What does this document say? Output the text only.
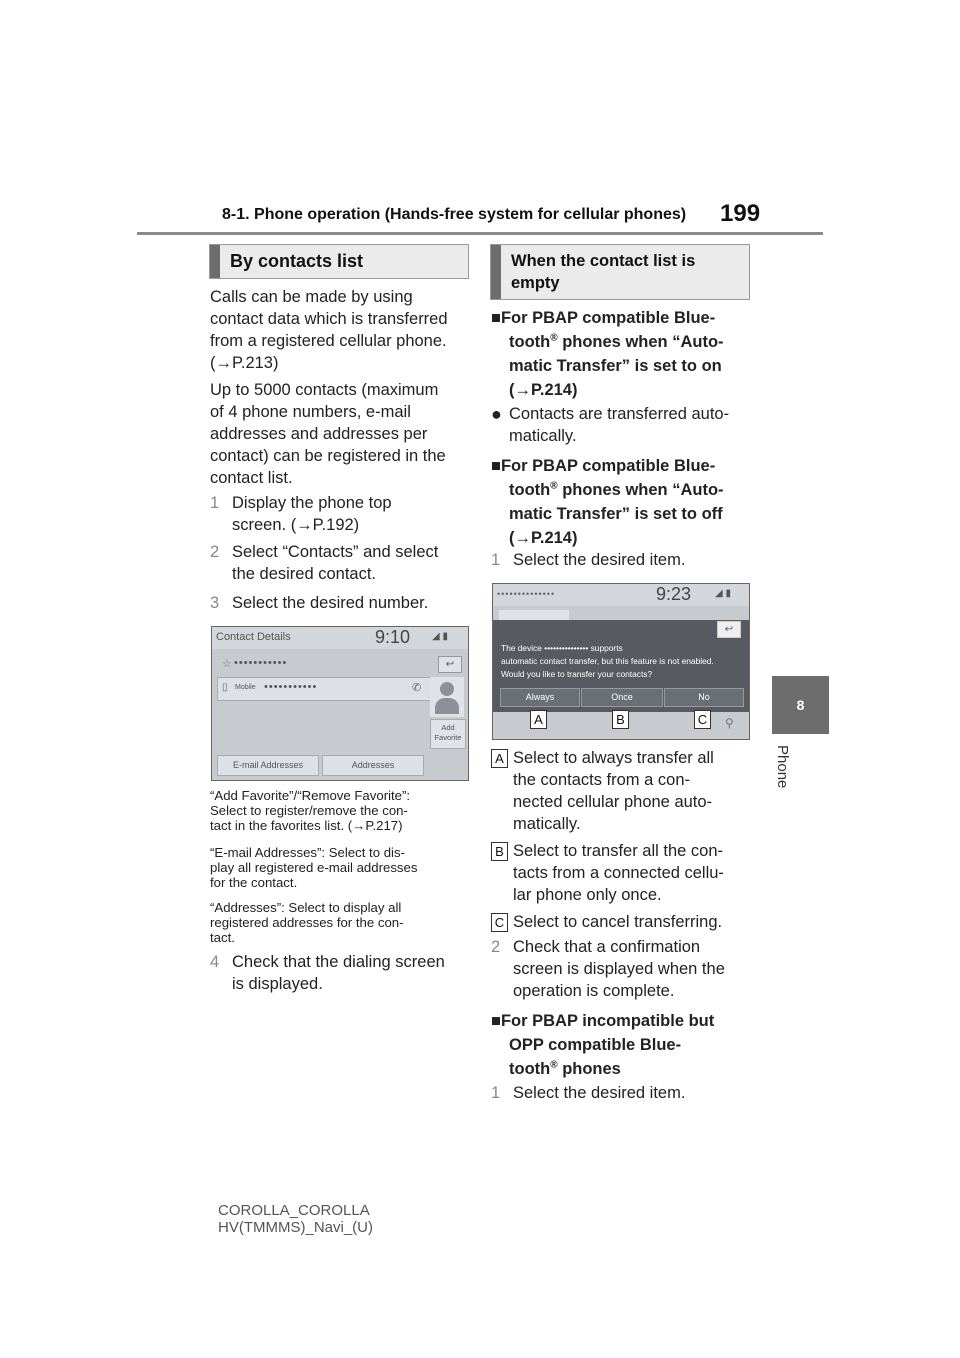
8-1. Phone operation (Hands-free system for cellular phones) 199
8
Phone
By contacts list
Calls can be made by using
contact data which is transferred
from a registered cellular phone.
(→P.213)
Up to 5000 contacts (maximum
of 4 phone numbers, e-mail
addresses and addresses per
contact) can be registered in the
contact list.
1 Display the phone top
screen. (→P.192)
2 Select “Contacts” and select
the desired contact.
3 Select the desired number.
Contact Details	9:10 ◢ ▮
☆ •••••••••••	↩
▯ Mobile •••••••••••	✆
Add
Favorite
E-mail Addresses	Addresses
“Add Favorite”/“Remove Favorite”:
Select to register/remove the con-
tact in the favorites list. (→P.217)
“E-mail Addresses”: Select to dis-
play all registered e-mail addresses
for the contact.
“Addresses”: Select to display all
registered addresses for the con-
tact.
4 Check that the dialing screen
is displayed.
When the contact list is
empty
■For PBAP compatible Blue-
tooth® phones when “Auto-
matic Transfer” is set to on
(→P.214)
● Contacts are transferred auto-
matically.
■For PBAP compatible Blue-
tooth® phones when “Auto-
matic Transfer” is set to off
(→P.214)
1 Select the desired item.
••••••••••••••	9:23 ◢ ▮
↩
The device ••••••••••••••• supports
automatic contact transfer, but this feature is not enabled.
Would you like to transfer your contacts?
Always	Once	No
⚲
A	B	C
A Select to always transfer all
the contacts from a con-
nected cellular phone auto-
matically.
B Select to transfer all the con-
tacts from a connected cellu-
lar phone only once.
C Select to cancel transferring.
2 Check that a confirmation
screen is displayed when the
operation is complete.
■For PBAP incompatible but
OPP compatible Blue-
tooth® phones
1 Select the desired item.
COROLLA_COROLLA
HV(TMMMS)_Navi_(U)
